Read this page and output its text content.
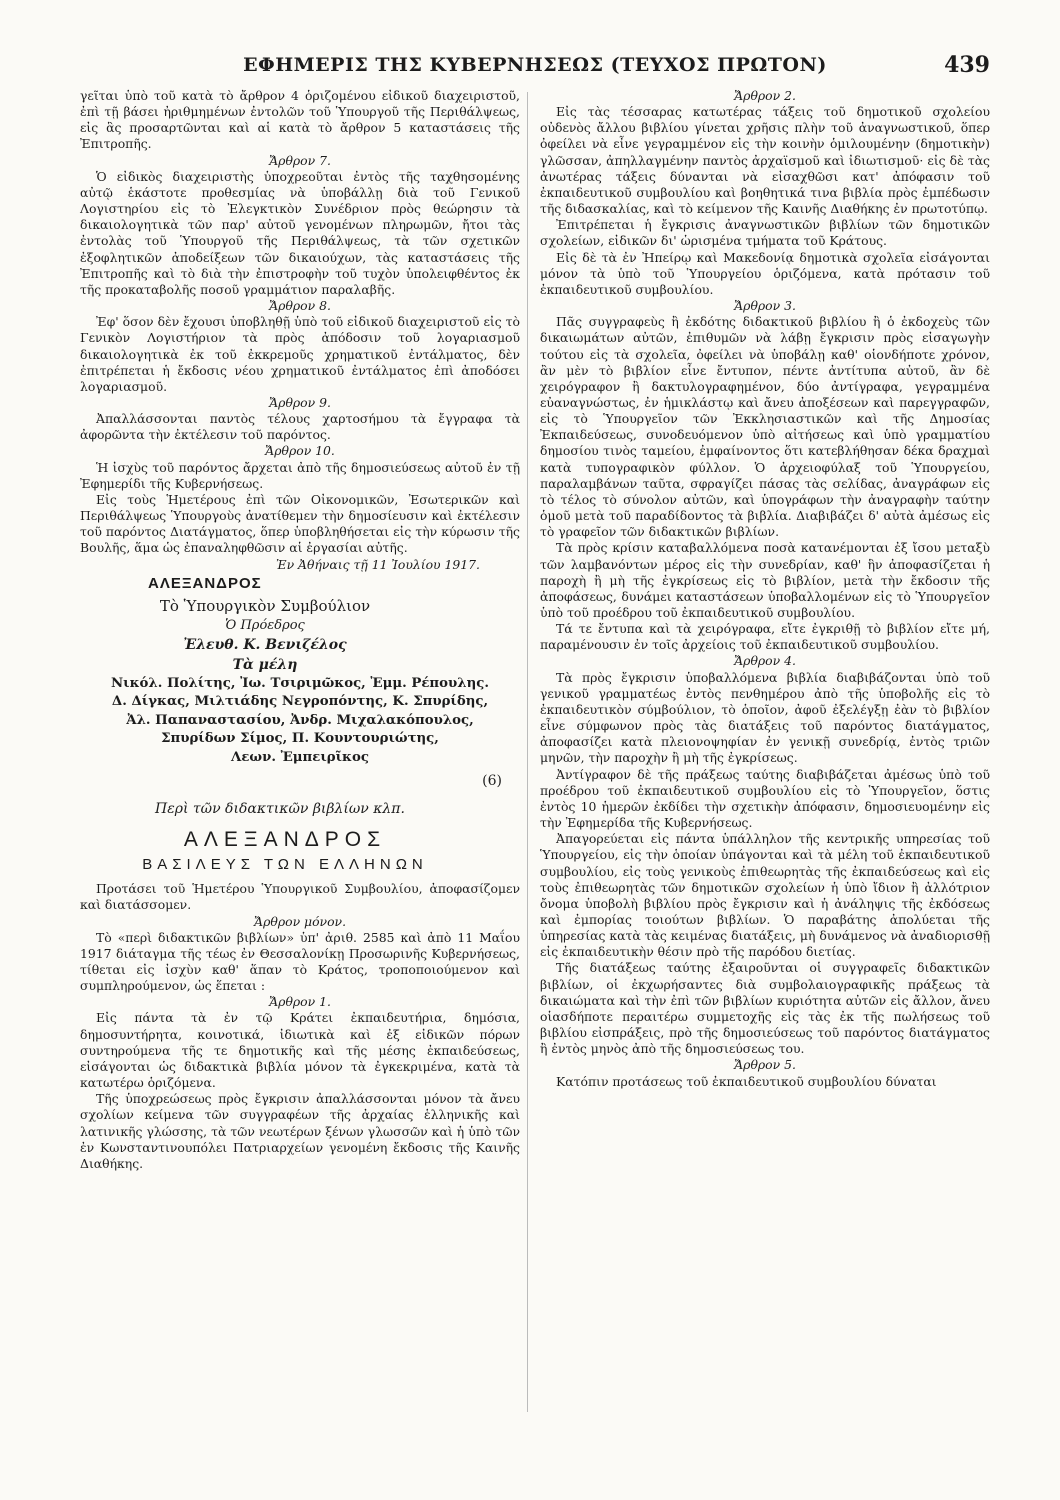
ΕΦΗΜΕΡΙΣ ΤΗΣ ΚΥΒΕΡΝΗΣΕΩΣ (ΤΕΥΧΟΣ ΠΡΩΤΟΝ)	439

γεῖται ὑπὸ τοῦ κατὰ τὸ ἄρθρον 4 ὁριζομένου εἰδικοῦ διαχειριστοῦ, ἐπὶ τῇ βάσει ἠριθμημένων ἐντολῶν τοῦ Ὑπουργοῦ τῆς Περιθάλψεως, εἰς ἃς προσαρτῶνται καὶ αἱ κατὰ τὸ ἄρθρον 5 καταστάσεις τῆς Ἐπιτροπῆς.

Ἄρθρον 7.

Ὁ εἰδικὸς διαχειριστὴς ὑποχρεοῦται ἐντὸς τῆς ταχθησομένης αὐτῷ ἑκάστοτε προθεσμίας νὰ ὑποβάλλῃ διὰ τοῦ Γενικοῦ Λογιστηρίου εἰς τὸ Ἐλεγκτικὸν Συνέδριον πρὸς θεώρησιν τὰ δικαιολογητικὰ τῶν παρ' αὐτοῦ γενομένων πληρωμῶν, ἤτοι τὰς ἐντολὰς τοῦ Ὑπουργοῦ τῆς Περιθάλψεως, τὰ τῶν σχετικῶν ἐξοφλητικῶν ἀποδείξεων τῶν δικαιούχων, τὰς καταστάσεις τῆς Ἐπιτροπῆς καὶ τὸ διὰ τὴν ἐπιστροφὴν τοῦ τυχὸν ὑπολειφθέντος ἐκ τῆς προκαταβολῆς ποσοῦ γραμμάτιον παραλαβῆς.

Ἄρθρον 8.

Ἐφ' ὅσον δὲν ἔχουσι ὑποβληθῇ ὑπὸ τοῦ εἰδικοῦ διαχειριστοῦ εἰς τὸ Γενικὸν Λογιστήριον τὰ πρὸς ἀπόδοσιν τοῦ λογαριασμοῦ δικαιολογητικὰ ἐκ τοῦ ἐκκρεμοῦς χρηματικοῦ ἐντάλματος, δὲν ἐπιτρέπεται ἡ ἔκδοσις νέου χρηματικοῦ ἐντάλματος ἐπὶ ἀποδόσει λογαριασμοῦ.

Ἄρθρον 9.

Ἀπαλλάσσονται παντὸς τέλους χαρτοσήμου τὰ ἔγγραφα τὰ ἀφορῶντα τὴν ἐκτέλεσιν τοῦ παρόντος.

Ἄρθρον 10.

Ἡ ἰσχὺς τοῦ παρόντος ἄρχεται ἀπὸ τῆς δημοσιεύσεως αὐτοῦ ἐν τῇ Ἐφημερίδι τῆς Κυβερνήσεως.

Εἰς τοὺς Ἡμετέρους ἐπὶ τῶν Οἰκονομικῶν, Ἐσωτερικῶν καὶ Περιθάλψεως Ὑπουργοὺς ἀνατίθεμεν τὴν δημοσίευσιν καὶ ἐκτέλεσιν τοῦ παρόντος Διατάγματος, ὅπερ ὑποβληθήσεται εἰς τὴν κύρωσιν τῆς Βουλῆς, ἅμα ὡς ἐπαναληφθῶσιν αἱ ἐργασίαι αὐτῆς.

Ἐν Ἀθήναις τῇ 11 Ἰουλίου 1917.
ΑΛΕΞΑΝΔΡΟΣ
Τὸ Ὑπουργικὸν Συμβούλιον
Ὁ Πρόεδρος
Ἐλευθ. Κ. Βενιζέλος
Τὰ μέλη
Νικόλ. Πολίτης, Ἰω. Τσιριμῶκος, Ἐμμ. Ρέπουλης.
Δ. Δίγκας, Μιλτιάδης Νεγροπόντης, Κ. Σπυρίδης,
Ἀλ. Παπαναστασίου, Ἀνδρ. Μιχαλακόπουλος,
Σπυρίδων Σίμος, Π. Κουντουριώτης,
Λεων. Ἐμπειρῖκος
(6)
Περὶ τῶν διδακτικῶν βιβλίων κλπ.
ΑΛΕΞΑΝΔΡΟΣ
ΒΑΣΙΛΕΥΣ ΤΩΝ ΕΛΛΗΝΩΝ

Προτάσει τοῦ Ἡμετέρου Ὑπουργικοῦ Συμβουλίου, ἀποφασίζομεν καὶ διατάσσομεν.

Ἄρθρον μόνον.

Τὸ «περὶ διδακτικῶν βιβλίων» ὑπ' ἀριθ. 2585 καὶ ἀπὸ 11 Μαΐου 1917 διάταγμα τῆς τέως ἐν Θεσσαλονίκῃ Προσωρινῆς Κυβερνήσεως, τίθεται εἰς ἰσχὺν καθ' ἅπαν τὸ Κράτος, τροποποιούμενον καὶ συμπληρούμενον, ὡς ἕπεται :

Ἄρθρον 1.

Εἰς πάντα τὰ ἐν τῷ Κράτει ἐκπαιδευτήρια, δημόσια, δημοσυντήρητα, κοινοτικά, ἰδιωτικὰ καὶ ἐξ εἰδικῶν πόρων συντηρούμενα τῆς τε δημοτικῆς καὶ τῆς μέσης ἐκπαιδεύσεως, εἰσάγονται ὡς διδακτικὰ βιβλία μόνον τὰ ἐγκεκριμένα, κατὰ τὰ κατωτέρω ὁριζόμενα.

Τῆς ὑποχρεώσεως πρὸς ἔγκρισιν ἀπαλλάσσονται μόνον τὰ ἄνευ σχολίων κείμενα τῶν συγγραφέων τῆς ἀρχαίας ἑλληνικῆς καὶ λατινικῆς γλώσσης, τὰ τῶν νεωτέρων ξένων γλωσσῶν καὶ ἡ ὑπὸ τῶν ἐν Κωνσταντινουπόλει Πατριαρχείων γενομένη ἔκδοσις τῆς Καινῆς Διαθήκης.

Ἄρθρον 2.

Εἰς τὰς τέσσαρας κατωτέρας τάξεις τοῦ δημοτικοῦ σχολείου οὐδενὸς ἄλλου βιβλίου γίνεται χρῆσις πλὴν τοῦ ἀναγνωστικοῦ, ὅπερ ὀφείλει νὰ εἶνε γεγραμμένον εἰς τὴν κοινὴν ὁμιλουμένην (δημοτικὴν) γλῶσσαν, ἀπηλλαγμένην παντὸς ἀρχαϊσμοῦ καὶ ἰδιωτισμοῦ· εἰς δὲ τὰς ἀνωτέρας τάξεις δύνανται νὰ εἰσαχθῶσι κατ' ἀπόφασιν τοῦ ἐκπαιδευτικοῦ συμβουλίου καὶ βοηθητικά τινα βιβλία πρὸς ἐμπέδωσιν τῆς διδασκαλίας, καὶ τὸ κείμενον τῆς Καινῆς Διαθήκης ἐν πρωτοτύπῳ.

Ἐπιτρέπεται ἡ ἔγκρισις ἀναγνωστικῶν βιβλίων τῶν δημοτικῶν σχολείων, εἰδικῶν δι' ὡρισμένα τμήματα τοῦ Κράτους.

Εἰς δὲ τὰ ἐν Ἠπείρῳ καὶ Μακεδονίᾳ δημοτικὰ σχολεῖα εἰσάγονται μόνον τὰ ὑπὸ τοῦ Ὑπουργείου ὁριζόμενα, κατὰ πρότασιν τοῦ ἐκπαιδευτικοῦ συμβουλίου.

Ἄρθρον 3.

Πᾶς συγγραφεὺς ἢ ἐκδότης διδακτικοῦ βιβλίου ἢ ὁ ἐκδοχεὺς τῶν δικαιωμάτων αὐτῶν, ἐπιθυμῶν νὰ λάβῃ ἔγκρισιν πρὸς εἰσαγωγὴν τούτου εἰς τὰ σχολεῖα, ὀφείλει νὰ ὑποβάλῃ καθ' οἱονδήποτε χρόνον, ἂν μὲν τὸ βιβλίον εἶνε ἔντυπον, πέντε ἀντίτυπα αὐτοῦ, ἂν δὲ χειρόγραφον ἢ δακτυλογραφημένον, δύο ἀντίγραφα, γεγραμμένα εὐαναγνώστως, ἐν ἡμικλάστῳ καὶ ἄνευ ἀποξέσεων καὶ παρεγγραφῶν, εἰς τὸ Ὑπουργεῖον τῶν Ἐκκλησιαστικῶν καὶ τῆς Δημοσίας Ἐκπαιδεύσεως, συνοδευόμενον ὑπὸ αἰτήσεως καὶ ὑπὸ γραμματίου δημοσίου τινὸς ταμείου, ἐμφαίνοντος ὅτι κατεβλήθησαν δέκα δραχμαὶ κατὰ τυπογραφικὸν φύλλον. Ὁ ἀρχειοφύλαξ τοῦ Ὑπουργείου, παραλαμβάνων ταῦτα, σφραγίζει πάσας τὰς σελίδας, ἀναγράφων εἰς τὸ τέλος τὸ σύνολον αὐτῶν, καὶ ὑπογράφων τὴν ἀναγραφὴν ταύτην ὁμοῦ μετὰ τοῦ παραδίδοντος τὰ βιβλία. Διαβιβάζει δ' αὐτὰ ἀμέσως εἰς τὸ γραφεῖον τῶν διδακτικῶν βιβλίων.

Τὰ πρὸς κρίσιν καταβαλλόμενα ποσὰ κατανέμονται ἐξ ἴσου μεταξὺ τῶν λαμβανόντων μέρος εἰς τὴν συνεδρίαν, καθ' ἣν ἀποφασίζεται ἡ παροχὴ ἢ μὴ τῆς ἐγκρίσεως εἰς τὸ βιβλίον, μετὰ τὴν ἔκδοσιν τῆς ἀποφάσεως, δυνάμει καταστάσεων ὑποβαλλομένων εἰς τὸ Ὑπουργεῖον ὑπὸ τοῦ προέδρου τοῦ ἐκπαιδευτικοῦ συμβουλίου.

Τά τε ἔντυπα καὶ τὰ χειρόγραφα, εἴτε ἐγκριθῇ τὸ βιβλίον εἴτε μή, παραμένουσιν ἐν τοῖς ἀρχείοις τοῦ ἐκπαιδευτικοῦ συμβουλίου.

Ἄρθρον 4.

Τὰ πρὸς ἔγκρισιν ὑποβαλλόμενα βιβλία διαβιβάζονται ὑπὸ τοῦ γενικοῦ γραμματέως ἐντὸς πενθημέρου ἀπὸ τῆς ὑποβολῆς εἰς τὸ ἐκπαιδευτικὸν σύμβούλιον, τὸ ὁποῖον, ἀφοῦ ἐξελέγξῃ ἐὰν τὸ βιβλίον εἶνε σύμφωνον πρὸς τὰς διατάξεις τοῦ παρόντος διατάγματος, ἀποφασίζει κατὰ πλειονοψηφίαν ἐν γενικῇ συνεδρίᾳ, ἐντὸς τριῶν μηνῶν, τὴν παροχὴν ἢ μὴ τῆς ἐγκρίσεως.

Ἀντίγραφον δὲ τῆς πράξεως ταύτης διαβιβάζεται ἀμέσως ὑπὸ τοῦ προέδρου τοῦ ἐκπαιδευτικοῦ συμβουλίου εἰς τὸ Ὑπουργεῖον, ὅστις ἐντὸς 10 ἡμερῶν ἐκδίδει τὴν σχετικὴν ἀπόφασιν, δημοσιευομένην εἰς τὴν Ἐφημερίδα τῆς Κυβερνήσεως.

Ἀπαγορεύεται εἰς πάντα ὑπάλληλον τῆς κεντρικῆς υπηρεσίας τοῦ Ὑπουργείου, εἰς τὴν ὁποίαν ὑπάγονται καὶ τὰ μέλη τοῦ ἐκπαιδευτικοῦ συμβουλίου, εἰς τοὺς γενικοὺς ἐπιθεωρητὰς τῆς ἐκπαιδεύσεως καὶ εἰς τοὺς ἐπιθεωρητὰς τῶν δημοτικῶν σχολείων ἡ ὑπὸ ἴδιον ἢ ἀλλότριον ὄνομα ὑποβολὴ βιβλίου πρὸς ἔγκρισιν καὶ ἡ ἀνάληψις τῆς ἐκδόσεως καὶ ἐμπορίας τοιούτων βιβλίων. Ὁ παραβάτης ἀπολύεται τῆς ὑπηρεσίας κατὰ τὰς κειμένας διατάξεις, μὴ δυνάμενος νὰ ἀναδιορισθῇ εἰς ἐκπαιδευτικὴν θέσιν πρὸ τῆς παρόδου διετίας.

Τῆς διατάξεως ταύτης ἐξαιροῦνται οἱ συγγραφεῖς διδακτικῶν βιβλίων, οἱ ἐκχωρήσαντες διὰ συμβολαιογραφικῆς πράξεως τὰ δικαιώματα καὶ τὴν ἐπὶ τῶν βιβλίων κυριότητα αὐτῶν εἰς ἄλλον, ἄνευ οἱασδήποτε περαιτέρω συμμετοχῆς εἰς τὰς ἐκ τῆς πωλήσεως τοῦ βιβλίου εἰσπράξεις, πρὸ τῆς δημοσιεύσεως τοῦ παρόντος διατάγματος ἢ ἐντὸς μηνὸς ἀπὸ τῆς δημοσιεύσεως του.

Ἄρθρον 5.

Κατόπιν προτάσεως τοῦ ἐκπαιδευτικοῦ συμβουλίου δύναται
